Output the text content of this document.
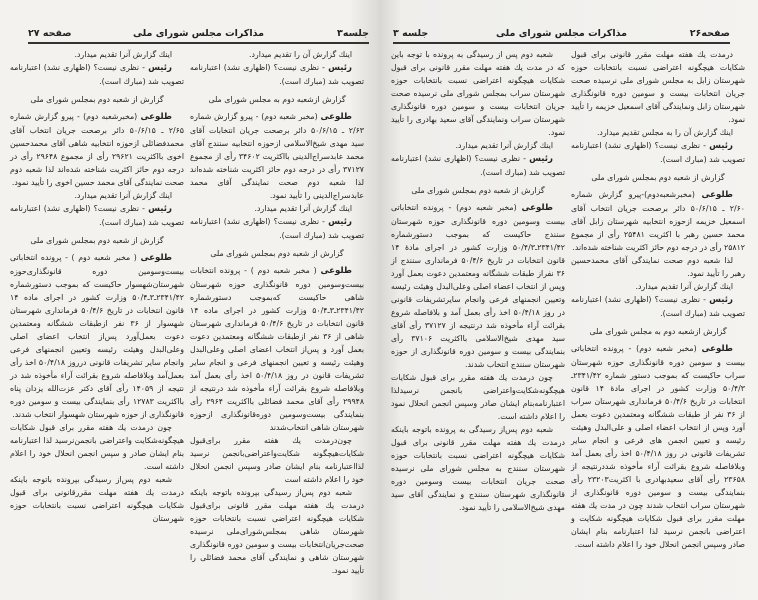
جلسه۳
مذاکرات مجلس شورای ملی
صفحه ۲۷

اینك گزارش آن را تقدیم میدارد.

رئیس - نظری نیست؟ (اظهاری نشد) اعتبارنامه تصویب شد (مبارك است).

گزارش ازشعبه دوم به مجلس شورای ملی

طلوعی (مخبر شعبه دوم) - پیرو گزارش شماره ۲/۶۳ ـ ۵۰/۶/۱۵ دائر برصحت جریان انتخابات آقای سید مهدی شیخ‌الاسلامی ازحوزه انتخابیه سنندج آقای محمد عابدسراج‌الدینی بااکثریت ۳۴۶۰۲ رأی از مجموع ۳۷۱۲۷ رأی در درجه دوم حائز اکثریت شناخته شده‌اند لذا شعبه دوم صحت نمایندگی آقای محمد عابدسراج‌الدینی را تأیید نمود.

اینك گزارش آنرا تقدیم میدارد.

رئیس - نظری نیست؟ (اظهاری نشد) اعتبارنامه تصویب شد (مبارك است).

گزارش از شعبه دوم بمجلس شورای ملی

طلوعی ( مخبر شعبه دوم ) - پرونده انتخابات بیست‌وسومین دوره قانونگذاری حوزه شهرستان شاهی حاکیست که‌بموجب دستورشماره ۲۳۴۱/۴۲ـ۳ـ۵۰/۴ وزارت کشور در اجرای ماده ۱۴ قانون انتخابات در تاریخ ۵۰/۴/۶ فرمانداری شهرستان شاهی از ۳۶ نفر ازطبقات ششگانه ومعتمدین دعوت بعمل آورد و پس‌از انتخاب اعضای اصلی وعلی‌البدل وهیئت رئیسه و تعیین انجمنهای فرعی و انجام سایر تشریفات قانون در روز ۵۰/۴/۱۸ اخذ رأی بعمل آمد وبلافاصله شروع بقرائت آراء مأخوذه شد درنتیجه از ۲۹۹۴۸ رأی آقای محمد فضائلی بااکثریت ۲۹۶۴ رأی بنمایندگی بیست‌وسومین دوره‌قانونگذاری ازحوزه شهرستان شاهی انتخاب‌شدند

چون‌درمدت یك هفته مقرر برای‌قبول شكایات‌هیچگونه شكایت‌واعتراضی‌بانجمن نرسید لذااعتبارنامه بنام ایشان صادر وسپس انجمن انحلال خود را اعلام داشته است

شعبه دوم پس‌از رسیدگی بپرونده باتوجه باینکه درمدت یك هفته مهلت مقرر قانونی برای‌قبول شكایات هیچگونه اعتراضی نسبت بانتخابات حوزه شهرستان شاهی بمجلس‌شورای‌ملی نرسیده صحت‌جریان‌انتخابات بیست و سومین دوره قانونگذاری شهرستان شاهی و نمایندگی آقای محمد فضائلی را تأیید نمود.

اینك گزارش آنرا تقدیم میدارد.

رئیس - نظری نیست؟ (اظهاری نشد) اعتبارنامه تصویب شد (مبارك است).

گزارش از شعبه دوم بمجلس شورای ملی

طلوعی (مخبرشعبه دوم) - پیرو گزارش شماره ۲/۶۵ ـ ۵۰/۶/۱۵ دائر برصحت جریان انتخاب آقای محمدفضائلی ازحوزه انتخابیه شاهی آقای محمدحسین اخوی بااکثریت ۲۹۶۲۱ رأی از مجموع ۲۹۶۴۸ رأی در درجه دوم حائز اکثریت شناخته شده‌اند لذا شعبه دوم صحت نمایندگی آقای محمد حسین اخوی را تأیید نمود.

اینك گزارش آنرا تقدیم میدارد.

رئیس - نظری نیست؟ (اظهاری نشد) اعتبارنامه تصویب شد (مبارك است).

گزارش از شعبه دوم بمجلس شورای ملی

طلوعی ( مخبر شعبه دوم ) - پرونده انتخاباتی بیست‌وسومین دوره قانونگذاری‌حوزه شهرستان‌شهسوار حاکیست که بموجب دستورشماره ۲۳۴۱/۴۲ـ۳ـ۵۰/۴ وزارت کشور در اجرای ماده ۱۴ قانون انتخابات در تاریخ ۵۰/۴/۶ فرمانداری شهرستان شهسوار از ۳۶ نفر ازطبقات ششگانه ومعتمدین دعوت بعمل‌آورد پس‌از انتخاب اعضای اصلی وعلی‌البدل وهیئت رئیسه وتعیین انجمنهای فرعی وانجام سایر تشریفات قانونی درروز ۵۰/۴/۱۸ اخذ رأی بعمل‌آمد وبلافاصله شروع بقرائت آراء مأخوذه شد در نتیجه از ۱۴۰۵۹ رأی آقای دکتر عزت‌الله یزدان پناه بااکثریت ۱۲۷۸۳ رأی بنمایندگی بیست و سومین دوره قانونگذاری از حوزه شهرستان شهسوار انتخاب شدند.

چون درمدت یك هفته مقرر برای قبول شكایات هیچگونه‌شكایت واعتراضی بانجمن‌نرسید لذا اعتبارنامه بنام ایشان صادر و سپس انجمن انحلال خود را اعلام داشته است.

شعبه دوم پس‌از رسیدگی بپرونده باتوجه باینکه درمدت یك هفته مهلت مقررقانونی برای قبول شكایات هیچگونه اعتراضی نسبت بانتخابات حوزه شهرستان

صفحه۲۶
مذاکرات مجلس شورای ملی
جلسه ۳

درمدت یك هفته مهلت مقرر قانونی برای قبول شكایات هیچگونه اعتراضی نسبت بانتخابات حوزه شهرستان زابل به مجلس شورای ملی نرسیده صحت جریان انتخابات بیست و سومین دوره قانونگذاری شهرستان زابل ونمایندگی آقای اسمعیل خزیمه را تأیید نمود.

اینك گزارش آن را به مجلس تقدیم میدارد.

رئیس - نظری نیست؟ (اظهاری نشد) اعتبارنامه تصویب شد (مبارك است).

گزارش از شعبه دوم بمجلس شورای ملی

طلوعی (مخبرشعبه‌دوم)-پیرو گزارش شماره ۲/۶۰ ـ ۵۰/۶/۱۵ دائر برصحت جریان انتخاب آقای اسمعیل خزیمه ازحوزه انتخابیه شهرستان زابل آقای محمد حسین رهبر با اکثریت ۲۵۴۸۱ رأی از مجموع ۲۵۸۱۲ رأی در درجه دوم حائز اکثریت شناخته شده‌اند.

لذا شعبه دوم صحت نمایندگی آقای محمدحسین رهبر را تأیید نمود.

اینك گزارش آنرا تقدیم میدارد.

رئیس - نظری نیست؟ (اظهاری نشد) اعتبارنامه تصویب شد (مبارك است).

گزارش ازشعبه دوم به مجلس شورای ملی

طلوعی (مخبر شعبه دوم) - پرونده انتخاباتی بیست و سومین دوره قانونگذاری حوزه شهرستان سراب حاکیست که بموجب دستور شماره ۲۳۴۱/۴۲ـ ۵۰/۴/۳ وزارت کشور در اجرای مادهٔ ۱۴ قانون انتخابات در تاریخ ۵۰/۴/۶ فرمانداری شهرستان سراب از ۳۶ نفر از طبقات ششگانه ومعتمدین دعوت بعمل آورد وپس از انتخاب اعضاء اصلی و علی‌البدل وهیئت رئیسه و تعیین انجمن های فرعی و انجام سایر تشریفات قانونی در روز ۵۰/۴/۱۸ اخذ رأی بعمل آمد وبلافاصله شروع بقرائت آراء مأخوذه شددرنتیجه از ۲۳۶۵۸ رأی آقای سعیدبهادری با اکثریت۲۳۲۰۳ رأی بنمایندگی بیست و سومین دوره قانونگذاری از شهرستان سراب انتخاب شدند چون در مدت یك هفته مهلت مقرر برای قبول شكایات هیچگونه شكایت و اعتراضی بانجمن نرسید لذا اعتبارنامه بنام ایشان صادر وسپس انجمن انحلال خود را اعلام داشته است.

شعبه دوم پس از رسیدگی به پرونده با توجه باین که در مدت یك هفته مهلت مقرر قانونی برای قبول شكایات هیچگونه اعتراضی نسبت بانتخابات حوزه شهرستان سراب بمجلس شورای ملی نرسیده صحت جریان انتخابات بیست و سومین دوره قانونگذاری شهرستان سراب ونمایندگی آقای سعید بهادری را تأیید نمود.

اینك گزارش آنرا تقدیم میدارد.

رئیس - نظری نیست؟ (اظهاری نشد) اعتبارنامه تصویب شد (مبارك است).

گزارش از شعبه دوم بمجلس شورای ملی

طلوعی (مخبر شعبه دوم) - پرونده انتخاباتی بیست وسومین دوره قانونگذاری حوزه شهرستان سنندج حاکیست که بموجب دستورشماره ۲۳۴۱/۴۲ـ۵۰/۴/۳ وزارت کشور در اجرای مادهٔ ۱۴ قانون انتخابات در تاریخ ۵۰/۴/۶ فرمانداری سنندج از ۳۶ نفراز طبقات ششگانه ومعتمدین دعوت بعمل آورد وپس از انتخاب اعضاء اصلی وعلی‌البدل وهیئت رئیسه وتعیین انجمنهای فرعی وانجام سایرتشریفات قانونی در روز ۵۰/۴/۱۸ اخذ رأی بعمل آمد و بلافاصله شروع بقرائت آراء مأخوذه شد درنتیجه از ۳۷۱۲۷ رأی آقای سید مهدی شیخ‌الاسلامی بااکثریت ۳۷۱۰۶ رأی بنمایندگی بیست و سومین دوره قانونگذاری از حوزه شهرستان سنندج انتخاب شدند.

چون درمدت یك هفته مقرر برای قبول شكایات هیچگونه‌شكایت‌واعتراضی بانجمن نرسیدلذا اعتبارنامه‌بنام ایشان صادر وسپس انجمن انحلال نمود را اعلام داشته است.

شعبه دوم پس‌از رسیدگی به پرونده باتوجه باینکه درمدت یك هفته مهلت مقرر قانونی برای قبول شكایات هیچگونه اعتراضی نسبت بانتخابات حوزه شهرستان سنندج به مجلس شورای ملی نرسیده صحت جریان انتخابات بیست وسومین دوره قانونگذاری شهرستان سنندج و نمایندگی آقای سید مهدی شیخ‌الاسلامی را تأیید نمود.
